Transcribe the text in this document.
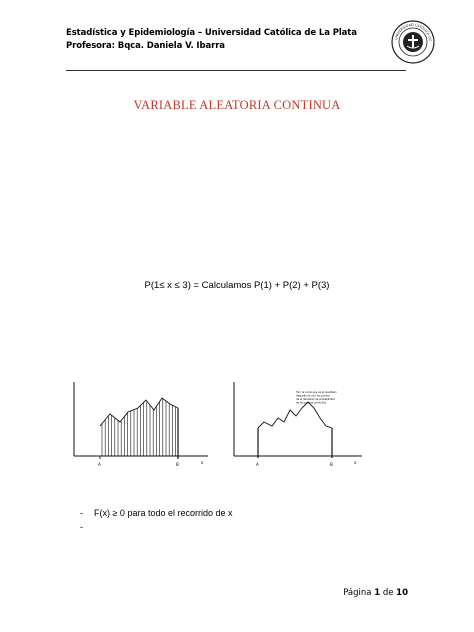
Estadística y Epidemiología – Universidad Católica de La Plata
Profesora: Bqca. Daniela V. Ibarra
UNIVERSIDAD CATÓLICA DE
VARIABLE ALEATORIA CONTINUA
P(1≤ x ≤ 3) = Calculamos P(1) + P(2) + P(3)
A	B	x	A	B	x
f(x): la curva que es el resultado
después de unir los puntos
de la densidad de probabilidad
de los puntos conocidos
-	F(x) ≥ 0 para todo el recorrido de x
-
Página 1 de 10
